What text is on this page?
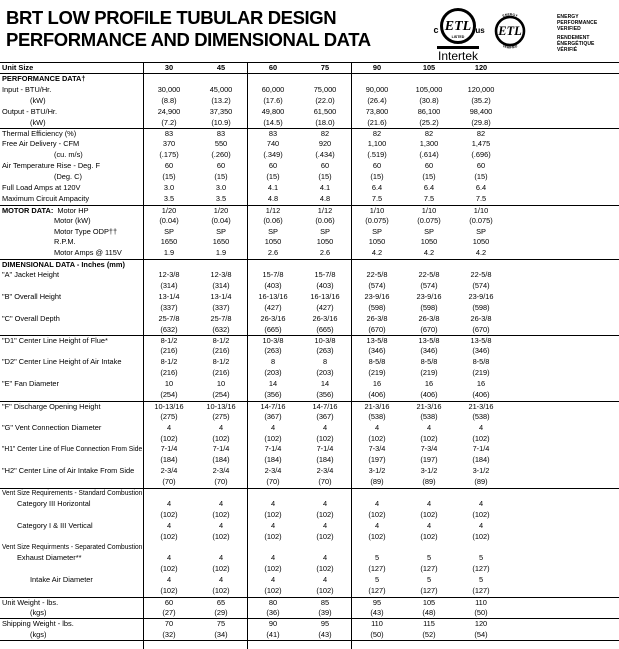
BRT LOW PROFILE TUBULAR DESIGN
PERFORMANCE AND DIMENSIONAL DATA
ETL
LISTED
c	us
Intertek
ETL
ENERGY
VERIFIED
ENERGY
PERFORMANCE
VERIFIED
RENDEMENT
ÉNERGÉTIQUE
VÉRIFIÉ
Unit Size	30	45	60	75	90	105	120
PERFORMANCE DATA†
Input - BTU/Hr.	30,000	45,000	60,000	75,000	90,000	105,000	120,000
(kW)	(8.8)	(13.2)	(17.6)	(22.0)	(26.4)	(30.8)	(35.2)
Output - BTU/Hr.	24,900	37,350	49,800	61,500	73,800	86,100	98,400
(kW)	(7.2)	(10.9)	(14.5)	(18.0)	(21.6)	(25.2)	(29.8)
Thermal Efficiency (%)	83	83	83	82	82	82	82
Free Air Delivery - CFM	370	550	740	920	1,100	1,300	1,475
(cu. m/s)	(.175)	(.260)	(.349)	(.434)	(.519)	(.614)	(.696)
Air Temperature Rise - Deg. F	60	60	60	60	60	60	60
(Deg. C)	(15)	(15)	(15)	(15)	(15)	(15)	(15)
Full Load Amps at 120V	3.0	3.0	4.1	4.1	6.4	6.4	6.4
Maximum Circuit Ampacity	3.5	3.5	4.8	4.8	7.5	7.5	7.5
MOTOR DATA: Motor HP	1/20	1/20	1/12	1/12	1/10	1/10	1/10
Motor (kW)	(0.04)	(0.04)	(0.06)	(0.06)	(0.075)	(0.075)	(0.075)
Motor Type ODP††	SP	SP	SP	SP	SP	SP	SP
R.P.M.	1650	1650	1050	1050	1050	1050	1050
Motor Amps @ 115V	1.9	1.9	2.6	2.6	4.2	4.2	4.2
DIMENSIONAL DATA - Inches (mm)
"A" Jacket Height	12-3/8	12-3/8	15-7/8	15-7/8	22-5/8	22-5/8	22-5/8
(314)	(314)	(403)	(403)	(574)	(574)	(574)
"B" Overall Height	13-1/4	13-1/4	16-13/16	16-13/16	23-9/16	23-9/16	23-9/16
(337)	(337)	(427)	(427)	(598)	(598)	(598)
"C" Overall Depth	25-7/8	25-7/8	26-3/16	26-3/16	26-3/8	26-3/8	26-3/8
(632)	(632)	(665)	(665)	(670)	(670)	(670)
"D1" Center Line Height of Flue*	8-1/2	8-1/2	10-3/8	10-3/8	13-5/8	13-5/8	13-5/8
(216)	(216)	(263)	(263)	(346)	(346)	(346)
"D2" Center Line Height of Air Intake	8-1/2	8-1/2	8	8	8-5/8	8-5/8	8-5/8
(216)	(216)	(203)	(203)	(219)	(219)	(219)
"E" Fan Diameter	10	10	14	14	16	16	16
(254)	(254)	(356)	(356)	(406)	(406)	(406)
"F" Discharge Opening Height	10-13/16	10-13/16	14-7/16	14-7/16	21-3/16	21-3/16	21-3/16
(275)	(275)	(367)	(367)	(538)	(538)	(538)
"G" Vent Connection Diameter	4	4	4	4	4	4	4
(102)	(102)	(102)	(102)	(102)	(102)	(102)
"H1" Center Line of Flue Connection From Side	7-1/4	7-1/4	7-1/4	7-1/4	7-3/4	7-3/4	7-1/4
(184)	(184)	(184)	(184)	(197)	(197)	(184)
"H2" Center Line of Air Intake From Side	2-3/4	2-3/4	2-3/4	2-3/4	3-1/2	3-1/2	3-1/2
(70)	(70)	(70)	(70)	(89)	(89)	(89)
Vent Size Requirements - Standard Combustion
Category III Horizontal	4	4	4	4	4	4	4
(102)	(102)	(102)	(102)	(102)	(102)	(102)
Category I & III Vertical	4	4	4	4	4	4	4
(102)	(102)	(102)	(102)	(102)	(102)	(102)
Vent Size Requirments - Separated Combustion
Exhaust Diameter**	4	4	4	4	5	5	5
(102)	(102)	(102)	(102)	(127)	(127)	(127)
Intake Air Diameter	4	4	4	4	5	5	5
(102)	(102)	(102)	(102)	(127)	(127)	(127)
Unit Weight - lbs.	60	65	80	85	95	105	110
(kgs)	(27)	(29)	(36)	(39)	(43)	(48)	(50)
Shipping Weight - lbs.	70	75	90	95	110	115	120
(kgs)	(32)	(34)	(41)	(43)	(50)	(52)	(54)
